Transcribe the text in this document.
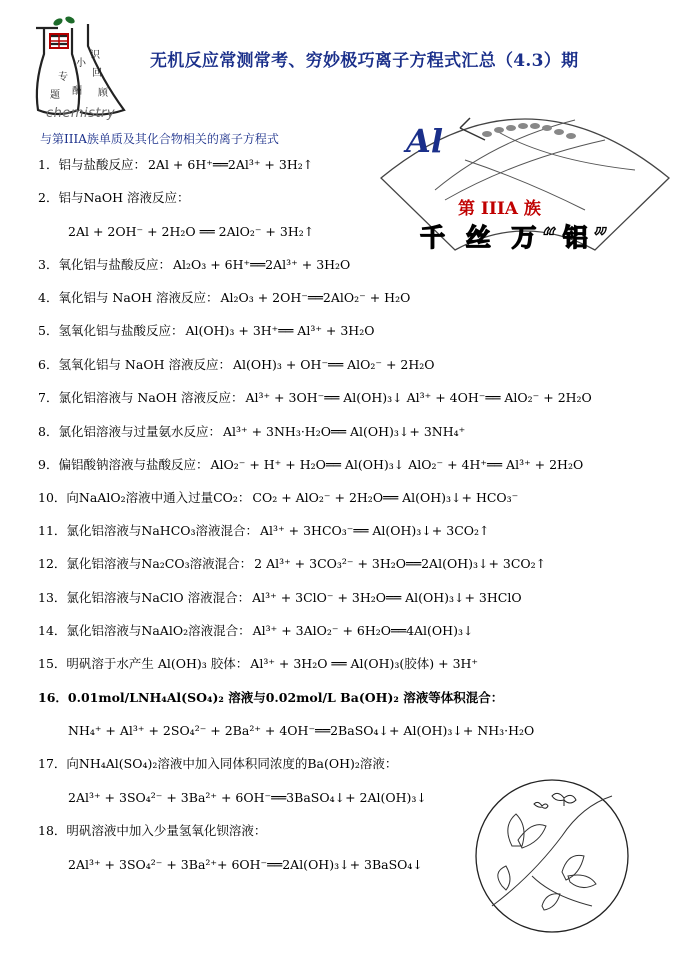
小
识
专 回
题	顾
酬
chemistry
无机反应常测常考、穷妙极巧离子方程式汇总（4.3）期
与第IIIA族单质及其化合物相关的离子方程式	Al
第 IIIA 族
千 丝 万“铝”
1．铝与盐酸反应： 2Al + 6H⁺══2Al³⁺ + 3H₂↑
2．铝与NaOH 溶液反应：
2Al + 2OH⁻ + 2H₂O ══ 2AlO₂⁻ + 3H₂↑
3．氧化铝与盐酸反应： Al₂O₃ + 6H⁺══2Al³⁺ + 3H₂O
4．氧化铝与 NaOH 溶液反应： Al₂O₃ + 2OH⁻══2AlO₂⁻ + H₂O
5．氢氧化铝与盐酸反应： Al(OH)₃ + 3H⁺══ Al³⁺ + 3H₂O
6．氢氧化铝与 NaOH 溶液反应： Al(OH)₃ + OH⁻══ AlO₂⁻ + 2H₂O
7．氯化铝溶液与 NaOH 溶液反应： Al³⁺ + 3OH⁻══ Al(OH)₃↓ Al³⁺ + 4OH⁻══ AlO₂⁻ + 2H₂O
8．氯化铝溶液与过量氨水反应： Al³⁺ + 3NH₃·H₂O══ Al(OH)₃↓+ 3NH₄⁺
9．偏铝酸钠溶液与盐酸反应： AlO₂⁻ + H⁺ + H₂O══ Al(OH)₃↓ AlO₂⁻ + 4H⁺══ Al³⁺ + 2H₂O
10．向NaAlO₂溶液中通入过量CO₂： CO₂ + AlO₂⁻ + 2H₂O══ Al(OH)₃↓+ HCO₃⁻
11．氯化铝溶液与NaHCO₃溶液混合： Al³⁺ + 3HCO₃⁻══ Al(OH)₃↓+ 3CO₂↑
12．氯化铝溶液与Na₂CO₃溶液混合： 2 Al³⁺ + 3CO₃²⁻ + 3H₂O══2Al(OH)₃↓+ 3CO₂↑
13．氯化铝溶液与NaClO 溶液混合： Al³⁺ + 3ClO⁻ + 3H₂O══ Al(OH)₃↓+ 3HClO
14．氯化铝溶液与NaAlO₂溶液混合： Al³⁺ + 3AlO₂⁻ + 6H₂O══4Al(OH)₃↓
15．明矾溶于水产生 Al(OH)₃ 胶体： Al³⁺ + 3H₂O ══ Al(OH)₃(胶体) + 3H⁺
16．0.01mol/LNH₄Al(SO₄)₂ 溶液与0.02mol/L Ba(OH)₂ 溶液等体积混合：
NH₄⁺ + Al³⁺ + 2SO₄²⁻ + 2Ba²⁺ + 4OH⁻══2BaSO₄↓+ Al(OH)₃↓+ NH₃·H₂O
17．向NH₄Al(SO₄)₂溶液中加入同体积同浓度的Ba(OH)₂溶液：
2Al³⁺ + 3SO₄²⁻ + 3Ba²⁺ + 6OH⁻══3BaSO₄↓+ 2Al(OH)₃↓
18．明矾溶液中加入少量氢氧化钡溶液：
2Al³⁺ + 3SO₄²⁻ + 3Ba²⁺+ 6OH⁻══2Al(OH)₃↓+ 3BaSO₄↓
